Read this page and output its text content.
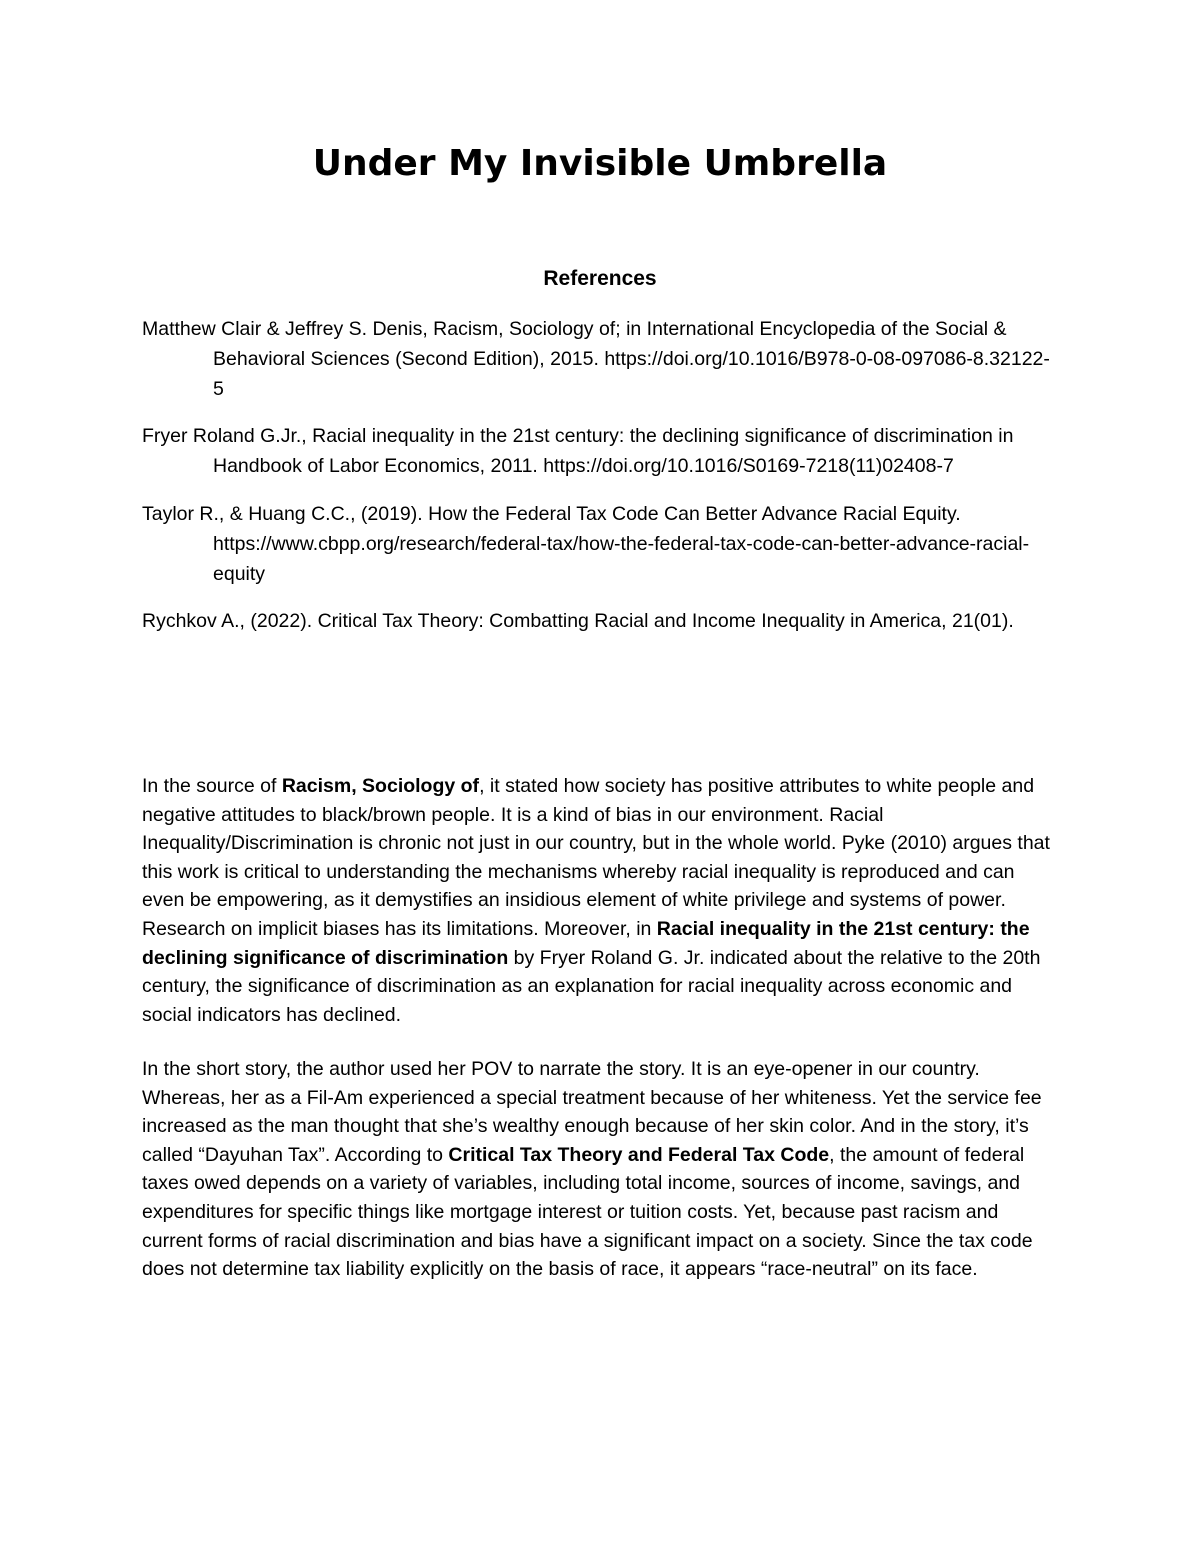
Under My Invisible Umbrella
References
Matthew Clair & Jeffrey S. Denis, Racism, Sociology of; in International Encyclopedia of the Social & Behavioral Sciences (Second Edition), 2015. https://doi.org/10.1016/B978-0-08-097086-8.32122-5
Fryer Roland G.Jr., Racial inequality in the 21st century: the declining significance of discrimination in Handbook of Labor Economics, 2011. https://doi.org/10.1016/S0169-7218(11)02408-7
Taylor R., & Huang C.C., (2019). How the Federal Tax Code Can Better Advance Racial Equity. https://www.cbpp.org/research/federal-tax/how-the-federal-tax-code-can-better-advance-racial-equity
Rychkov A., (2022). Critical Tax Theory: Combatting Racial and Income Inequality in America, 21(01).

In the source of Racism, Sociology of, it stated how society has positive attributes to white people and negative attitudes to black/brown people. It is a kind of bias in our environment. Racial Inequality/Discrimination is chronic not just in our country, but in the whole world. Pyke (2010) argues that this work is critical to understanding the mechanisms whereby racial inequality is reproduced and can even be empowering, as it demystifies an insidious element of white privilege and systems of power. Research on implicit biases has its limitations. Moreover, in Racial inequality in the 21st century: the declining significance of discrimination by Fryer Roland G. Jr. indicated about the relative to the 20th century, the significance of discrimination as an explanation for racial inequality across economic and social indicators has declined.

In the short story, the author used her POV to narrate the story. It is an eye-opener in our country. Whereas, her as a Fil-Am experienced a special treatment because of her whiteness. Yet the service fee increased as the man thought that she’s wealthy enough because of her skin color. And in the story, it’s called “Dayuhan Tax”. According to Critical Tax Theory and Federal Tax Code, the amount of federal taxes owed depends on a variety of variables, including total income, sources of income, savings, and expenditures for specific things like mortgage interest or tuition costs. Yet, because past racism and current forms of racial discrimination and bias have a significant impact on a society. Since the tax code does not determine tax liability explicitly on the basis of race, it appears “race-neutral” on its face.
